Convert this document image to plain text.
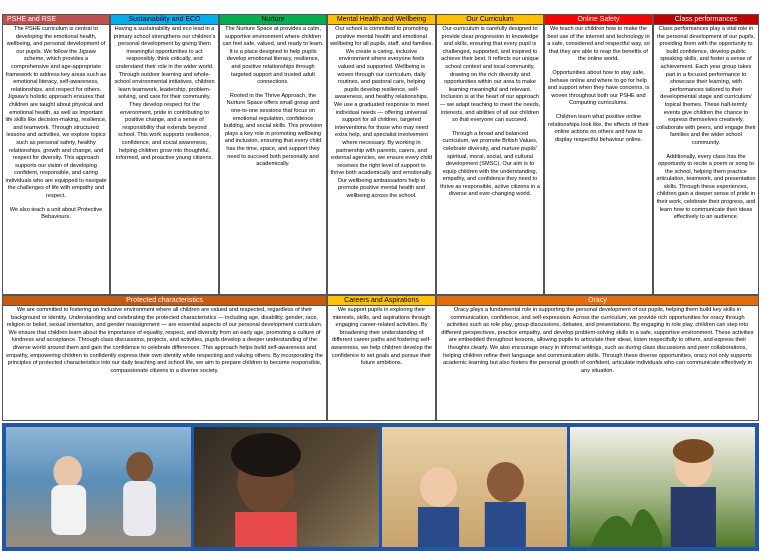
PSHE and RSE

The PSHE curriculum is central to developing the emotional health, wellbeing, and personal development of our pupils. We follow the Jigsaw scheme, which provides a comprehensive and age-appropriate framework to address key areas such as emotional literacy, self-awareness, relationships, and respect for others. Jigsaw's holistic approach ensures that children are taught about physical and emotional health, as well as important life skills like decision-making, resilience, and teamwork. Through structured lessons and activities, we explore topics such as personal safety, healthy relationships, growth and change, and respect for diversity. This approach supports our vision of developing confident, responsible, and caring individuals who are equipped to navigate the challenges of life with empathy and respect.

We also teach a unit about Protective Behaviours.

Sustainability and ECO

Having a sustainability and eco lead in a primary school strengthens our children's personal development by giving them meaningful opportunities to act responsibly, think critically, and understand their role in the wider world. Through outdoor learning and whole-school environmental initiatives, children learn teamwork, leadership, problem-solving, and care for their community. They develop respect for the environment, pride in contributing to positive change, and a sense of responsibility that extends beyond school. This work supports resilience, confidence, and social awareness, helping children grow into thoughtful, informed, and proactive young citizens.

Nurture

The Nurture Space at provides a calm, supportive environment where children can feel safe, valued, and ready to learn. It is a place designed to help pupils develop emotional literacy, resilience, and positive relationships through targeted support and trusted adult connections.

Rooted in the Thrive Approach, the Nurture Space offers small group and one-to-one sessions that focus on emotional regulation, confidence building, and social skills. This provision plays a key role in promoting wellbeing and inclusion, ensuring that every child has the time, space, and support they need to succeed both personally and academically.

Mental Health and Wellbeing

Our school is committed to promoting positive mental health and emotional wellbeing for all pupils, staff, and families. We create a caring, inclusive environment where everyone feels valued and supported. Wellbeing is woven through our curriculum, daily routines, and pastoral care, helping pupils develop resilience, self-awareness, and healthy relationships. We use a graduated response to meet individual needs — offering universal support for all children, targeted interventions for those who may need extra help, and specialist involvement where necessary. By working in partnership with parents, carers, and external agencies, we ensure every child receives the right level of support to thrive both academically and emotionally. Our wellbeing ambassadors help to promote positive mental health and wellbeing across the school.

Our Curriculum

Our curriculum is carefully designed to provide clear progression in knowledge and skills, ensuring that every pupil is challenged, supported, and inspired to achieve their best. It reflects our unique school context and local community, drawing on the rich diversity and opportunities within our area to make learning meaningful and relevant. Inclusion is at the heart of our approach — we adapt teaching to meet the needs, interests, and abilities of all our children so that everyone can succeed.

Through a broad and balanced curriculum, we promote British Values, celebrate diversity, and nurture pupils' spiritual, moral, social, and cultural development (SMSC). Our aim is to equip children with the understanding, empathy, and confidence they need to thrive as responsible, active citizens in a diverse and ever-changing world.

Online Safety

We teach our children how to make the best use of the internet and technology in a safe, considered and respectful way, so that they are able to reap the benefits of the online world.

Opportunities about how to stay safe, behave online and where to go for help and support when they have concerns, is woven throughout both our PSHE and Computing curriculums.

Children learn what positive online relationships look like, the effects of their online actions on others and how to display respectful behaviour online.

Class performances

Class performances play a vital role in the personal development of our pupils, providing them with the opportunity to build confidence, develop public speaking skills, and foster a sense of achievement. Each year group takes part in a focused performance to showcase their learning, with performances tailored to their developmental stage and curriculum/ topical themes. These half-termly events give children the chance to express themselves creatively, collaborate with peers, and engage their families and the wider school community.

Additionally, every class has the opportunity to recite a poem or song to the school, helping them practice articulation, teamwork, and presentation skills. Through these experiences, children gain a deeper sense of pride in their work, celebrate their progress, and learn how to communicate their ideas effectively to an audience.

Protected characteristics

We are committed to fostering an inclusive environment where all children are valued and respected, regardless of their background or identity. Understanding and celebrating the protected characteristics — including age, disability, gender, race, religion or belief, sexual orientation, and gender reassignment — are essential aspects of our personal development curriculum. We ensure that children learn about the importance of equality, respect, and diversity from an early age, promoting a culture of kindness and acceptance. Through class discussions, projects, and activities, pupils develop a deeper understanding of the diverse world around them and gain the confidence to celebrate differences. This approach helps build self-awareness and empathy, empowering children to confidently express their own identity while respecting and valuing others. By incorporating the principles of protected characteristics into our daily teaching and school life, we aim to prepare children to become responsible, compassionate citizens in a diverse society.

Careers and Aspirations

We support pupils in exploring their interests, skills, and aspirations through engaging career-related activities. By broadening their understanding of different career paths and fostering self-awareness, we help children develop the confidence to set goals and pursue their future ambitions.

Oracy

Oracy plays a fundamental role in supporting the personal development of our pupils, helping them build key skills in communication, confidence, and self-expression. Across the curriculum, we provide rich opportunities for oracy through activities such as role play, group discussions, debates, and presentations. By engaging in role play, children can step into different perspectives, practice empathy, and develop problem-solving skills in a safe, supportive environment. These activities are embedded throughout lessons, allowing pupils to articulate their ideas, listen respectfully to others, and express their thoughts clearly. We also encourage oracy in informal settings, such as during class discussions and peer collaborations, helping children refine their language and communication skills. Through these diverse opportunities, oracy not only supports academic learning but also fosters the personal growth of confident, articulate individuals who can communicate effectively in any situation.
